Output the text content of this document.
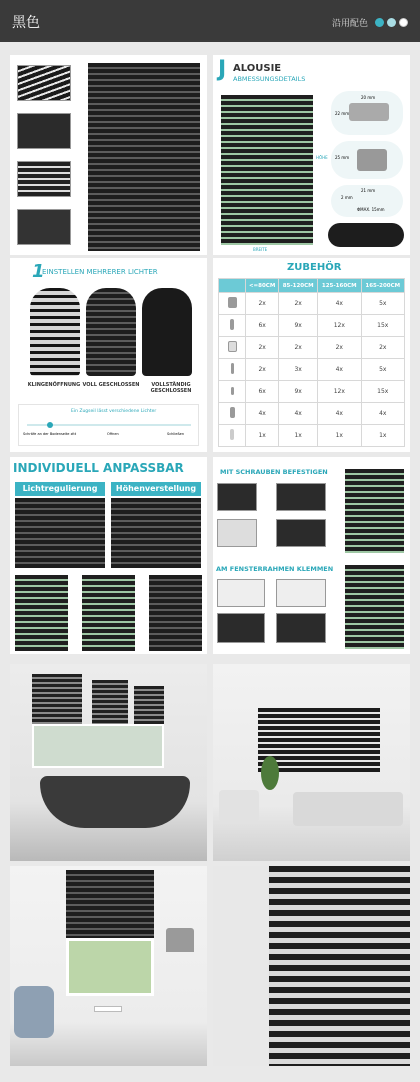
黑色	沿用配色
J ALOUSIE
ABMESSUNGSDETAILS
HÖHE
BREITE
20 mm
22 mm
25 mm
21 mm
2 mm
ΦMAX. 15mm
1
EINSTELLEN MEHRERER LICHTER
KLINGENÖFFNUNG VOLL GESCHLOSSEN	VOLLSTÄNDIG GESCHLOSSEN
Ein Zugseil lässt verschiedene Lichter
Schräfe an der Bodenseite zitt	Offnen	Schließen
ZUBEHÖR
	<=80CM	85-120CM	125-160CM	165-200CM
	2x	2x	4x	5x
	6x	9x	12x	15x
	2x	2x	2x	2x
	2x	3x	4x	5x
	6x	9x	12x	15x
	4x	4x	4x	4x
	1x	1x	1x	1x
INDIVIDUELL ANPASSBAR
Lichtregulierung	Höhenverstellung
MIT SCHRAUBEN BEFESTIGEN
AM FENSTERRAHMEN KLEMMEN
